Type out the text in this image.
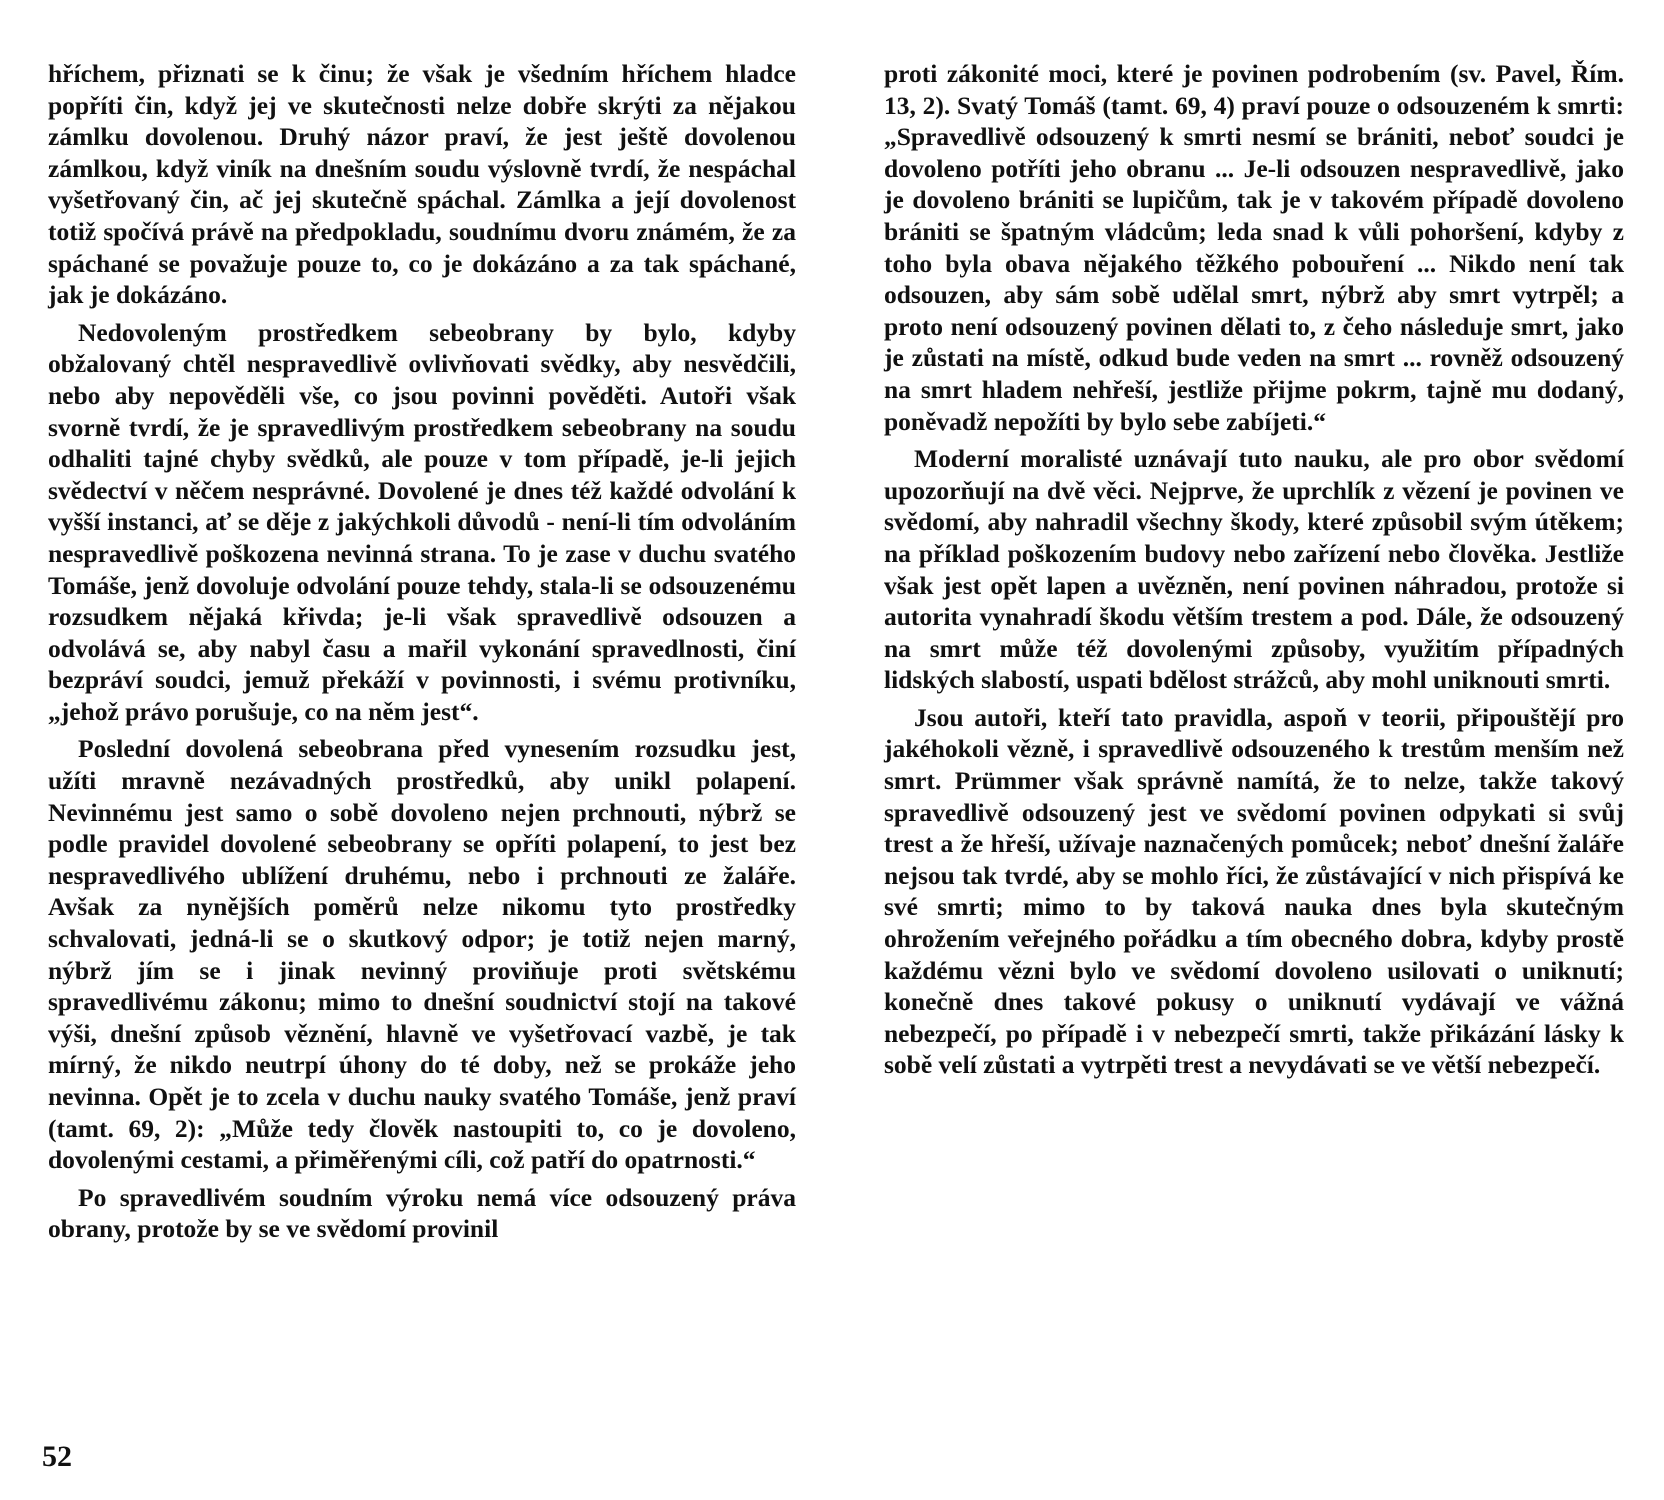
hříchem, přiznati se k činu; že však je všedním hříchem hladce popříti čin, když jej ve skutečnosti nelze dobře skrýti za nějakou zámlku dovolenou. Druhý názor praví, že jest ještě dovolenou zámlkou, když viník na dnešním soudu výslovně tvrdí, že nespáchal vyšetřovaný čin, ač jej skutečně spáchal. Zámlka a její dovolenost totiž spočívá právě na předpokladu, soudnímu dvoru známém, že za spáchané se považuje pouze to, co je dokázáno a za tak spáchané, jak je dokázáno.

Nedovoleným prostředkem sebeobrany by bylo, kdyby obžalovaný chtěl nespravedlivě ovlivňovati svědky, aby nesvědčili, nebo aby nepověděli vše, co jsou povinni pověděti. Autoři však svorně tvrdí, že je spravedlivým prostředkem sebeobrany na soudu odhaliti tajné chyby svědků, ale pouze v tom případě, je-li jejich svědectví v něčem nesprávné. Dovolené je dnes též každé odvolání k vyšší instanci, ať se děje z jakýchkoli důvodů - není-li tím odvoláním nespravedlivě poškozena nevinná strana. To je zase v duchu svatého Tomáše, jenž dovoluje odvolání pouze tehdy, stala-li se odsouzenému rozsudkem nějaká křivda; je-li však spravedlivě odsouzen a odvolává se, aby nabyl času a mařil vykonání spravedlnosti, činí bezpráví soudci, jemuž překáží v povinnosti, i svému protivníku, „jehož právo porušuje, co na něm jest“.

Poslední dovolená sebeobrana před vynesením rozsudku jest, užíti mravně nezávadných prostředků, aby unikl polapení. Nevinnému jest samo o sobě dovoleno nejen prchnouti, nýbrž se podle pravidel dovolené sebeobrany se opříti polapení, to jest bez nespravedlivého ublížení druhému, nebo i prchnouti ze žaláře. Avšak za nynějších poměrů nelze nikomu tyto prostředky schvalovati, jedná-li se o skutkový odpor; je totiž nejen marný, nýbrž jím se i jinak nevinný proviňuje proti světskému spravedlivému zákonu; mimo to dnešní soudnictví stojí na takové výši, dnešní způsob věznění, hlavně ve vyšetřovací vazbě, je tak mírný, že nikdo neutrpí úhony do té doby, než se prokáže jeho nevinna. Opět je to zcela v duchu nauky svatého Tomáše, jenž praví (tamt. 69, 2): „Může tedy člověk nastoupiti to, co je dovoleno, dovolenými cestami, a přiměřenými cíli, což patří do opatrnosti.“

Po spravedlivém soudním výroku nemá více odsouzený práva obrany, protože by se ve svědomí provinil

proti zákonité moci, které je povinen podrobením (sv. Pavel, Řím. 13, 2). Svatý Tomáš (tamt. 69, 4) praví pouze o odsouzeném k smrti: „Spravedlivě odsouzený k smrti nesmí se brániti, neboť soudci je dovoleno potříti jeho obranu ... Je-li odsouzen nespravedlivě, jako je dovoleno brániti se lupičům, tak je v takovém případě dovoleno brániti se špatným vládcům; leda snad k vůli pohoršení, kdyby z toho byla obava nějakého těžkého pobouření ... Nikdo není tak odsouzen, aby sám sobě udělal smrt, nýbrž aby smrt vytrpěl; a proto není odsouzený povinen dělati to, z čeho následuje smrt, jako je zůstati na místě, odkud bude veden na smrt ... rovněž odsouzený na smrt hladem nehřeší, jestliže přijme pokrm, tajně mu dodaný, poněvadž nepožíti by bylo sebe zabíjeti.“

Moderní moralisté uznávají tuto nauku, ale pro obor svědomí upozorňují na dvě věci. Nejprve, že uprchlík z vězení je povinen ve svědomí, aby nahradil všechny škody, které způsobil svým útěkem; na příklad poškozením budovy nebo zařízení nebo člověka. Jestliže však jest opět lapen a uvězněn, není povinen náhradou, protože si autorita vynahradí škodu větším trestem a pod. Dále, že odsouzený na smrt může též dovolenými způsoby, využitím případných lidských slabostí, uspati bdělost strážců, aby mohl uniknouti smrti.

Jsou autoři, kteří tato pravidla, aspoň v teorii, připouštějí pro jakéhokoli vězně, i spravedlivě odsouzeného k trestům menším než smrt. Prümmer však správně namítá, že to nelze, takže takový spravedlivě odsouzený jest ve svědomí povinen odpykati si svůj trest a že hřeší, užívaje naznačených pomůcek; neboť dnešní žaláře nejsou tak tvrdé, aby se mohlo říci, že zůstávající v nich přispívá ke své smrti; mimo to by taková nauka dnes byla skutečným ohrožením veřejného pořádku a tím obecného dobra, kdyby prostě každému vězni bylo ve svědomí dovoleno usilovati o uniknutí; konečně dnes takové pokusy o uniknutí vydávají ve vážná nebezpečí, po případě i v nebezpečí smrti, takže přikázání lásky k sobě velí zůstati a vytrpěti trest a nevydávati se ve větší nebezpečí.

52
